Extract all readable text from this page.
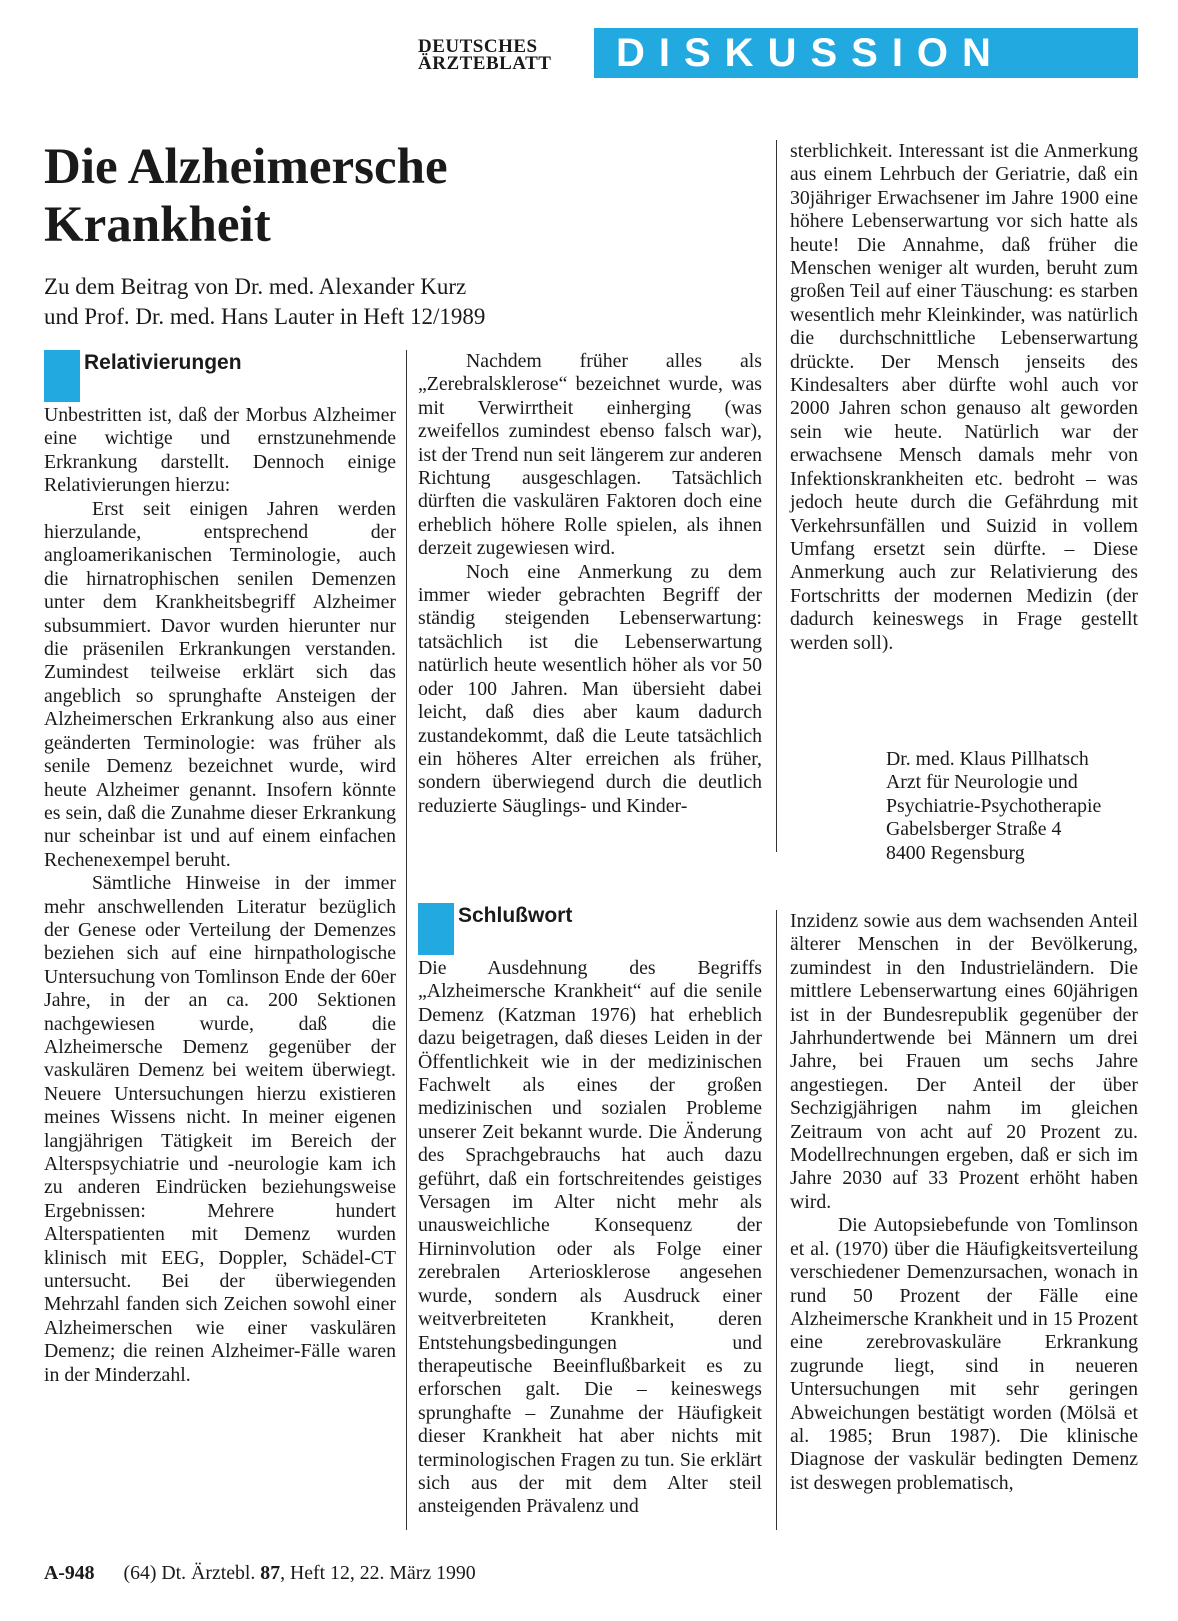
DEUTSCHES
ÄRZTEBLATT	DISKUSSION
Die Alzheimersche
Krankheit
Zu dem Beitrag von Dr. med. Alexander Kurz
und Prof. Dr. med. Hans Lauter in Heft 12/1989
Relativierungen

Unbestritten ist, daß der Morbus Alzheimer eine wichtige und ernstzunehmende Erkrankung darstellt. Dennoch einige Relativierungen hierzu:

Erst seit einigen Jahren werden hierzulande, entsprechend der angloamerikanischen Terminologie, auch die hirnatrophischen senilen Demenzen unter dem Krankheitsbegriff Alzheimer subsummiert. Davor wurden hierunter nur die präsenilen Erkrankungen verstanden. Zumindest teilweise erklärt sich das angeblich so sprunghafte Ansteigen der Alzheimerschen Erkrankung also aus einer geänderten Terminologie: was früher als senile Demenz bezeichnet wurde, wird heute Alzheimer genannt. Insofern könnte es sein, daß die Zunahme dieser Erkrankung nur scheinbar ist und auf einem einfachen Rechenexempel beruht.

Sämtliche Hinweise in der immer mehr anschwellenden Literatur bezüglich der Genese oder Verteilung der Demenzes beziehen sich auf eine hirnpathologische Untersuchung von Tomlinson Ende der 60er Jahre, in der an ca. 200 Sektionen nachgewiesen wurde, daß die Alzheimersche Demenz gegenüber der vaskulären Demenz bei weitem überwiegt. Neuere Untersuchungen hierzu existieren meines Wissens nicht. In meiner eigenen langjährigen Tätigkeit im Bereich der Alterspsychiatrie und -neurologie kam ich zu anderen Eindrücken beziehungsweise Ergebnissen: Mehrere hundert Alterspatienten mit Demenz wurden klinisch mit EEG, Doppler, Schädel-CT untersucht. Bei der überwiegenden Mehrzahl fanden sich Zeichen sowohl einer Alzheimerschen wie einer vaskulären Demenz; die reinen Alzheimer-Fälle waren in der Minderzahl.

Nachdem früher alles als „Zerebralsklerose“ bezeichnet wurde, was mit Verwirrtheit einherging (was zweifellos zumindest ebenso falsch war), ist der Trend nun seit längerem zur anderen Richtung ausgeschlagen. Tatsächlich dürften die vaskulären Faktoren doch eine erheblich höhere Rolle spielen, als ihnen derzeit zugewiesen wird.

Noch eine Anmerkung zu dem immer wieder gebrachten Begriff der ständig steigenden Lebenserwartung: tatsächlich ist die Lebenserwartung natürlich heute wesentlich höher als vor 50 oder 100 Jahren. Man übersieht dabei leicht, daß dies aber kaum dadurch zustandekommt, daß die Leute tatsächlich ein höheres Alter erreichen als früher, sondern überwiegend durch die deutlich reduzierte Säuglings- und Kinder-

sterblichkeit. Interessant ist die Anmerkung aus einem Lehrbuch der Geriatrie, daß ein 30jähriger Erwachsener im Jahre 1900 eine höhere Lebenserwartung vor sich hatte als heute! Die Annahme, daß früher die Menschen weniger alt wurden, beruht zum großen Teil auf einer Täuschung: es starben wesentlich mehr Kleinkinder, was natürlich die durchschnittliche Lebenserwartung drückte. Der Mensch jenseits des Kindesalters aber dürfte wohl auch vor 2000 Jahren schon genauso alt geworden sein wie heute. Natürlich war der erwachsene Mensch damals mehr von Infektionskrankheiten etc. bedroht – was jedoch heute durch die Gefährdung mit Verkehrsunfällen und Suizid in vollem Umfang ersetzt sein dürfte. – Diese Anmerkung auch zur Relativierung des Fortschritts der modernen Medizin (der dadurch keineswegs in Frage gestellt werden soll).

Dr. med. Klaus Pillhatsch
Arzt für Neurologie und
Psychiatrie-Psychotherapie
Gabelsberger Straße 4
8400 Regensburg
Schlußwort

Die Ausdehnung des Begriffs „Alzheimersche Krankheit“ auf die senile Demenz (Katzman 1976) hat erheblich dazu beigetragen, daß dieses Leiden in der Öffentlichkeit wie in der medizinischen Fachwelt als eines der großen medizinischen und sozialen Probleme unserer Zeit bekannt wurde. Die Änderung des Sprachgebrauchs hat auch dazu geführt, daß ein fortschreitendes geistiges Versagen im Alter nicht mehr als unausweichliche Konsequenz der Hirninvolution oder als Folge einer zerebralen Arteriosklerose angesehen wurde, sondern als Ausdruck einer weitverbreiteten Krankheit, deren Entstehungsbedingungen und therapeutische Beeinflußbarkeit es zu erforschen galt. Die – keineswegs sprunghafte – Zunahme der Häufigkeit dieser Krankheit hat aber nichts mit terminologischen Fragen zu tun. Sie erklärt sich aus der mit dem Alter steil ansteigenden Prävalenz und

Inzidenz sowie aus dem wachsenden Anteil älterer Menschen in der Bevölkerung, zumindest in den Industrieländern. Die mittlere Lebenserwartung eines 60jährigen ist in der Bundesrepublik gegenüber der Jahrhundertwende bei Männern um drei Jahre, bei Frauen um sechs Jahre angestiegen. Der Anteil der über Sechzigjährigen nahm im gleichen Zeitraum von acht auf 20 Prozent zu. Modellrechnungen ergeben, daß er sich im Jahre 2030 auf 33 Prozent erhöht haben wird.

Die Autopsiebefunde von Tomlinson et al. (1970) über die Häufigkeitsverteilung verschiedener Demenzursachen, wonach in rund 50 Prozent der Fälle eine Alzheimersche Krankheit und in 15 Prozent eine zerebrovaskuläre Erkrankung zugrunde liegt, sind in neueren Untersuchungen mit sehr geringen Abweichungen bestätigt worden (Mölsä et al. 1985; Brun 1987). Die klinische Diagnose der vaskulär bedingten Demenz ist deswegen problematisch,

A-948 (64) Dt. Ärztebl. 87, Heft 12, 22. März 1990
